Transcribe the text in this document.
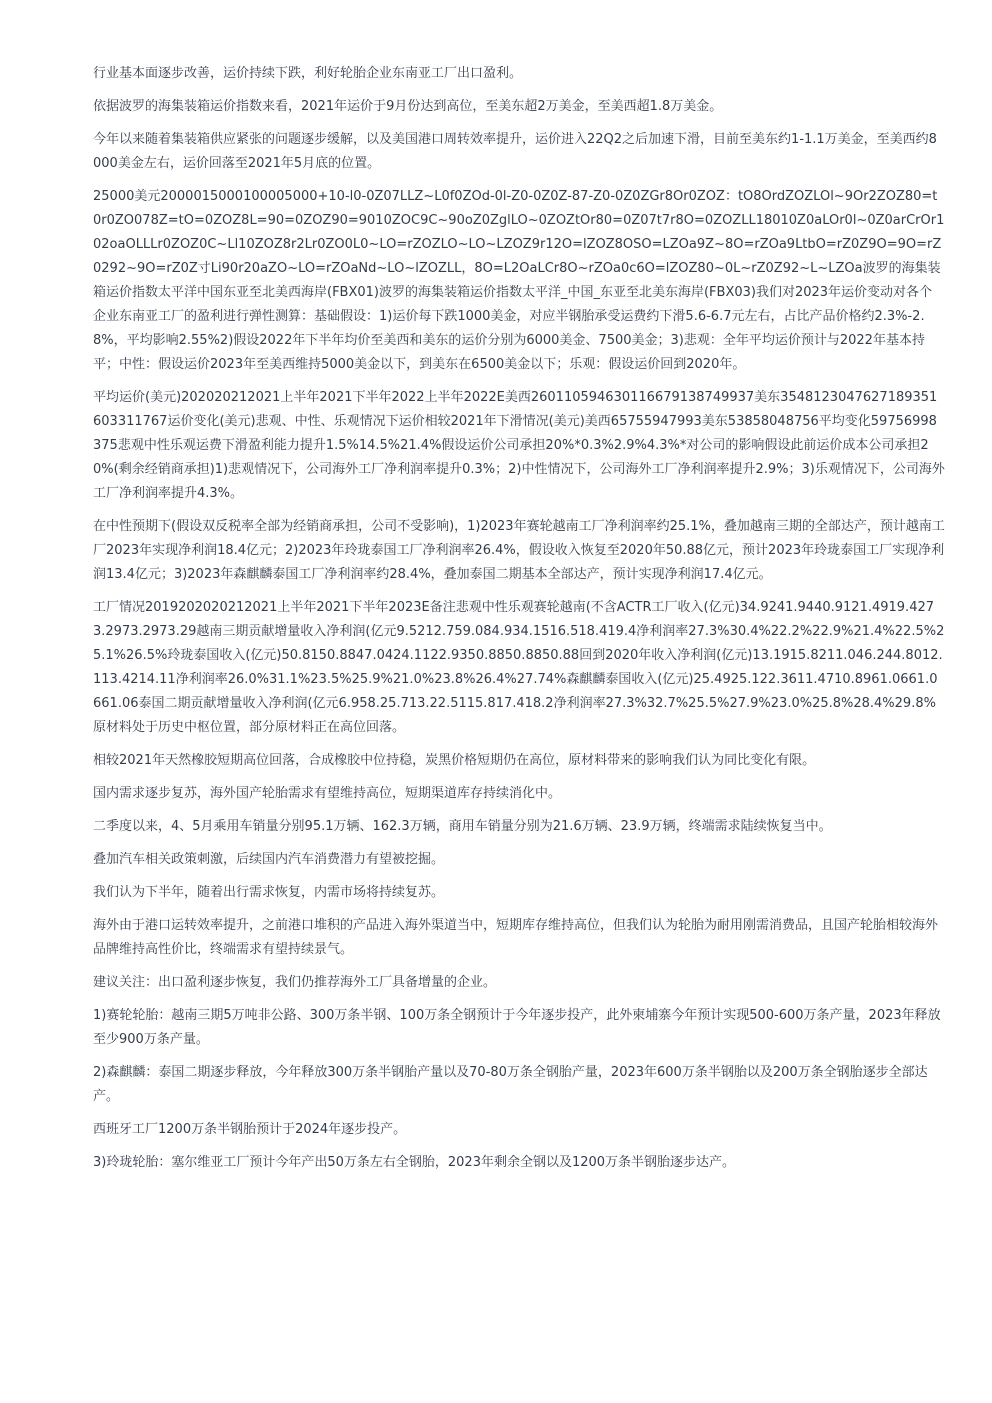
行业基本面逐步改善，运价持续下跌，利好轮胎企业东南亚工厂出口盈利。

依据波罗的海集装箱运价指数来看，2021年运价于9月份达到高位，至美东超2万美金，至美西超1.8万美金。

今年以来随着集装箱供应紧张的问题逐步缓解，以及美国港口周转效率提升，运价进入22Q2之后加速下滑，目前至美东约1-1.1万美金，至美西约8000美金左右，运价回落至2021年5月底的位置。

25000美元2000015000100005000+10-l0-0Z07LLZ~L0f0ZOd-0l-Z0-0Z0Z-87-Z0-0Z0ZGr8Or0ZOZ：tO8OrdZOZLOl~9Or2ZOZ80=t0r0ZO078Z=tO=0ZOZ8L=90=0ZOZ90=9010ZOC9C~90oZ0ZglLO~0ZOZtOr80=0Z07t7r8O=0ZOZLL18010Z0aLOr0l~0Z0arCrOr102oaOLLLr0ZOZ0C~Ll10ZOZ8r2Lr0ZO0L0~LO=rZOZLO~LO~LZOZ9r12O=lZOZ8OSO=LZOa9Z~8O=rZOa9LtbO=rZ0Z9O=9O=rZ0292~9O=rZ0Z寸Li90r20aZO~LO=rZOaNd~LO~lZOZLL，8O=L2OaLCr8O~rZOa0c6O=lZOZ80~0L~rZ0Z92~L~LZOa波罗的海集装箱运价指数太平洋中国东亚至北美西海岸(FBX01)波罗的海集装箱运价指数太平洋_中国_东亚至北美东海岸(FBX03)我们对2023年运价变动对各个企业东南亚工厂的盈利进行弹性测算：基础假设：1)运价每下跌1000美金，对应半钢胎承受运费约下滑5.6-6.7元左右，占比产品价格约2.3%-2.8%，平均影响2.55%2)假设2022年下半年均价至美西和美东的运价分别为6000美金、7500美金；3)悲观：全年平均运价预计与2022年基本持平；中性：假设运价2023年至美西维持5000美金以下，到美东在6500美金以下；乐观：假设运价回到2020年。

平均运价(美元)202020212021上半年2021下半年2022上半年2022E美西26011059463011667913874993​7美东35481230476271893516033117​67运价变化(美元)悲观、中性、乐观情况下运价相较2021年下滑情况(美元)美西65755947993美东53858048756平均变化59756998375悲观中性乐观运费下滑盈利能力提升1.5%14.5%21.4%假设运价公司承担20%*0.3%2.9%4.3%*对公司的影响假设此前运价成本公司承担20%(剩余经销商承担)1)悲观情况下，公司海外工厂净利润率提升0.3%；2)中性情况下，公司海外工厂净利润率提升2.9%；3)乐观情况下，公司海外工厂净利润率提升4.3%。

在中性预期下(假设双反税率全部为经销商承担，公司不受影响)，1)2023年赛轮越南工厂净利润率约25.1%，叠加越南三期的全部达产，预计越南工厂2023年实现净利润18.4亿元；2)2023年玲珑泰国工厂净利润率26.4%，假设收入恢复至2020年50.88亿元，预计2023年玲珑泰国工厂实现净利润13.4亿元；3)2023年森麒麟泰国工厂净利润率约28.4%，叠加泰国二期基本全部达产，预计实现净利润17.4亿元。

工厂情况2019202020212021上半年2021下半年2023E备注悲观中性乐观赛轮越南(不含ACTR工厂收入(亿元)34.9241.9440.9121.4919.4273.2973.2973.29越南三期贡献增量收入净利润(亿元9.5212.759.084.934.1516.518.419.4净利润率27.3%30.4%22.2%22.9%21.4%22.5%25.1%26.5%玲珑泰国收入(亿元)50.8150.8847.0424.1122.9350.8850.8850.88回到2020年收入净利润(亿元)13.1915.8211.046.244.8012.113.4214.11净利润率26.0%31.1%23.5%25.9%21.0%23.8%26.4%27.74%森麒麟泰国收入(亿元)25.4925.122.3611.4710.8961.0661.0661.06泰国二期贡献增量收入净利润(亿元6.958.25.713.22.5115.817.418.2净利润率27.3%32.7%25.5%27.9%23.0%25.8%28.4%29.8%原材料处于历史中枢位置，部分原材料正在高位回落。

相较2021年天然橡胶短期高位回落，合成橡胶中位持稳，炭黑价格短期仍在高位，原材料带来的影响我们认为同比变化有限。

国内需求逐步复苏，海外国产轮胎需求有望维持高位，短期渠道库存持续消化中。

二季度以来，4、5月乘用车销量分别95.1万辆、162.3万辆，商用车销量分别为21.6万辆、23.9万辆，终端需求陆续恢复当中。

叠加汽车相关政策刺激，后续国内汽车消费潜力有望被挖掘。

我们认为下半年，随着出行需求恢复，内需市场将持续复苏。

海外由于港口运转效率提升，之前港口堆积的产品进入海外渠道当中，短期库存维持高位，但我们认为轮胎为耐用刚需消费品，且国产轮胎相较海外品牌维持高性价比，终端需求有望持续景气。

建议关注：出口盈利逐步恢复，我们仍推荐海外工厂具备增量的企业。

1)赛轮轮胎：越南三期5万吨非公路、300万条半钢、100万条全钢预计于今年逐步投产，此外柬埔寨今年预计实现500-600万条产量，2023年释放至少900万条产量。

2)森麒麟：泰国二期逐步释放，今年释放300万条半钢胎产量以及70-80万条全钢胎产量，2023年600万条半钢胎以及200万条全钢胎逐步全部达产。

西班牙工厂1200万条半钢胎预计于2024年逐步投产。

3)玲珑轮胎：塞尔维亚工厂预计今年产出50万条左右全钢胎，2023年剩余全钢以及1200万条半钢胎逐步达产。
